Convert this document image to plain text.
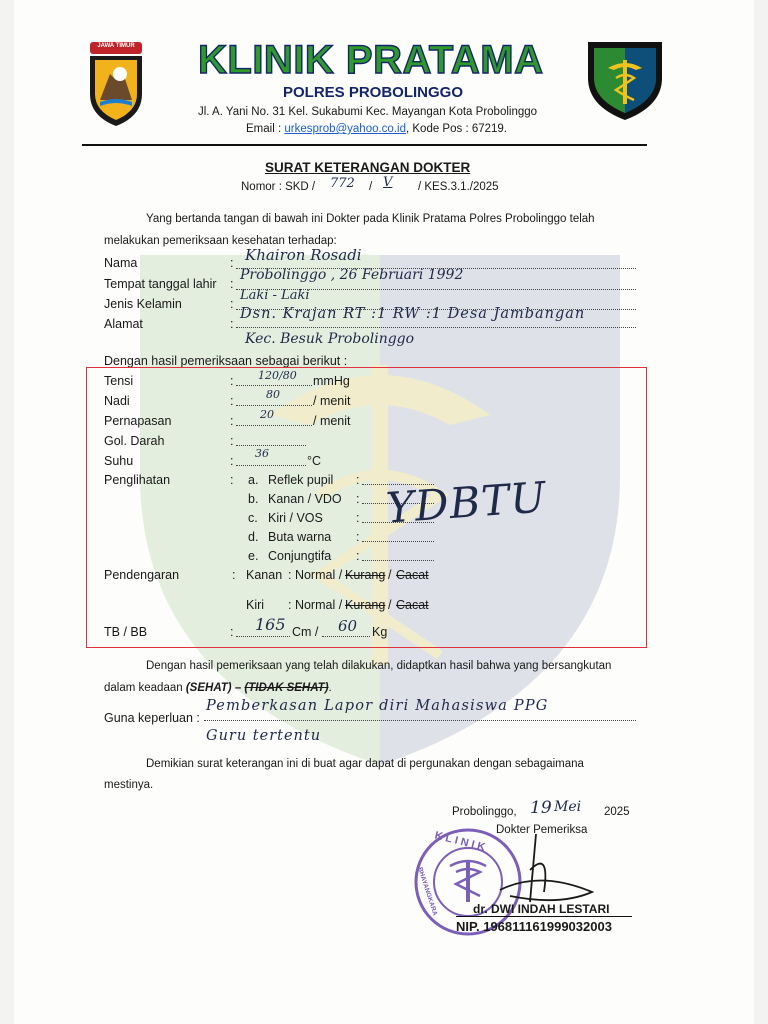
JAWA TIMUR KLINIK PRATAMA
POLRES PROBOLINGGO
Jl. A. Yani No. 31 Kel. Sukabumi Kec. Mayangan Kota Probolinggo
Email : urkesprob@yahoo.co.id, Kode Pos : 67219.
SURAT KETERANGAN DOKTER
Nomor : SKD / 772 / V / KES.3.1./2025
Yang bertanda tangan di bawah ini Dokter pada Klinik Pratama Polres Probolinggo telah
melakukan pemeriksaan kesehatan terhadap:
Nama	: Khairon Rosadi
Tempat tanggal lahir :
Probolinggo , 26 Februari 1992
Jenis Kelamin	:
Laki - Laki
Alamat	:
Dsn. Krajan RT :1 RW :1 Desa Jambangan
Kec. Besuk Probolinggo
Dengan hasil pemeriksaan sebagai berikut :
Tensi	: 120/80 mmHg
Nadi	:	80	/ menit
Pernapasan	: 20	/ menit
Gol. Darah	:
Suhu	:
36
°C
Penglihatan	: a. Reflek pupil :
b. Kanan / VDO :
c. Kiri / VOS	:
d. Buta warna :
e. Conjungtifa :
YDBTU
Pendengaran	: Kanan : Normal / Kurang / Cacat
Kiri : Normal / Kurang / Cacat
TB / BB	: 165 Cm / 60 Kg
Dengan hasil pemeriksaan yang telah dilakukan, didaptkan hasil bahwa yang bersangkutan
dalam keadaan (SEHAT) – (TIDAK SEHAT).
Guna keperluan :
Pemberkasan Lapor diri Mahasiswa PPG
Guru tertentu
Demikian surat keterangan ini di buat agar dapat di pergunakan dengan sebagaimana
mestinya.
Probolinggo, 19 Mei 2025
Dokter Pemeriksa
KLINIK
BHAYANGKARA	dr. DWI INDAH LESTARI
NIP. 196811161999032003
